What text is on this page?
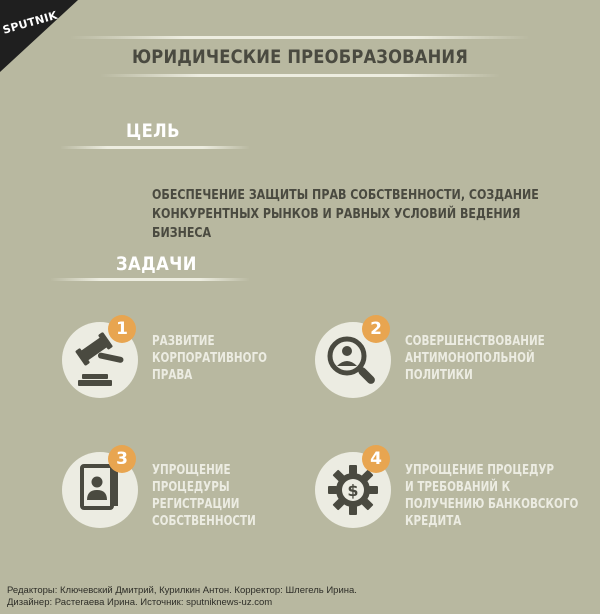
SPUTNIK
ЮРИДИЧЕСКИЕ ПРЕОБРАЗОВАНИЯ
ЦЕЛЬ
ОБЕСПЕЧЕНИЕ ЗАЩИТЫ ПРАВ СОБСТВЕННОСТИ, СОЗДАНИЕ КОНКУРЕНТНЫХ РЫНКОВ И РАВНЫХ УСЛОВИЙ ВЕДЕНИЯ БИЗНЕСА
ЗАДАЧИ
1
РАЗВИТИЕ
КОРПОРАТИВНОГО
ПРАВА
2
СОВЕРШЕНСТВОВАНИЕ
АНТИМОНОПОЛЬНОЙ
ПОЛИТИКИ
3
УПРОЩЕНИЕ
ПРОЦЕДУРЫ
РЕГИСТРАЦИИ
СОБСТВЕННОСТИ
$
4
УПРОЩЕНИЕ ПРОЦЕДУР
И ТРЕБОВАНИЙ К
ПОЛУЧЕНИЮ БАНКОВСКОГО
КРЕДИТА
Редакторы: Ключевский Дмитрий, Курилкин Антон. Корректор: Шлегель Ирина.
Дизайнер: Растегаева Ирина. Источник: sputniknews-uz.com
